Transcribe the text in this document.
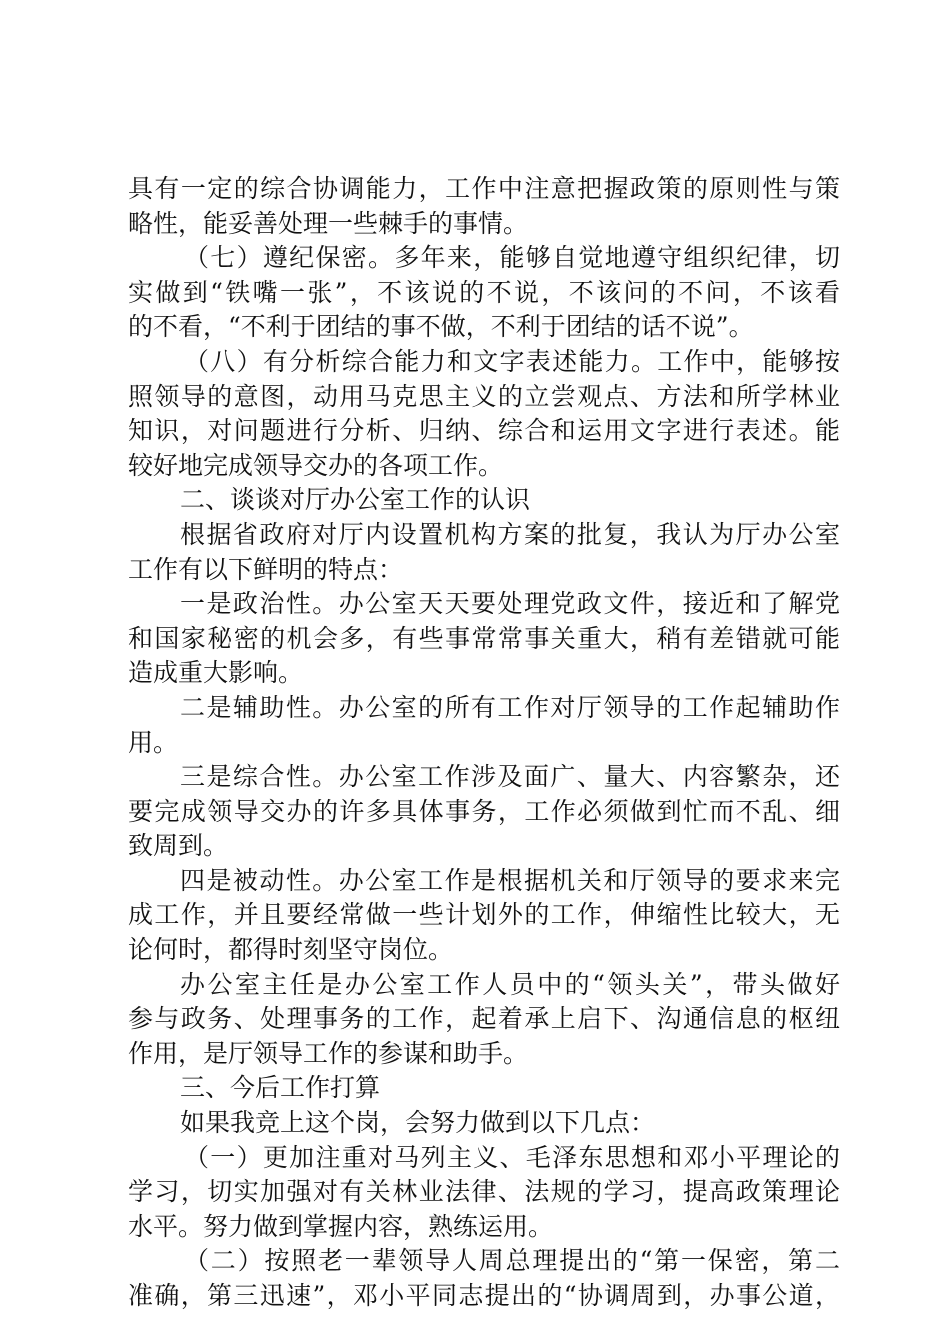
具有一定的综合协调能力，工作中注意把握政策的原则性与策
略性，能妥善处理一些棘手的事情。
（七）遵纪保密。多年来，能够自觉地遵守组织纪律，切
实做到“铁嘴一张”，不该说的不说，不该问的不问，不该看
的不看，“不利于团结的事不做，不利于团结的话不说”。
（八）有分析综合能力和文字表述能力。工作中，能够按
照领导的意图，动用马克思主义的立尝观点、方法和所学林业
知识，对问题进行分析、归纳、综合和运用文字进行表述。能
较好地完成领导交办的各项工作。
二、谈谈对厅办公室工作的认识
根据省政府对厅内设置机构方案的批复，我认为厅办公室
工作有以下鲜明的特点：
一是政治性。办公室天天要处理党政文件，接近和了解党
和国家秘密的机会多，有些事常常事关重大，稍有差错就可能
造成重大影响。
二是辅助性。办公室的所有工作对厅领导的工作起辅助作
用。
三是综合性。办公室工作涉及面广、量大、内容繁杂，还
要完成领导交办的许多具体事务，工作必须做到忙而不乱、细
致周到。
四是被动性。办公室工作是根据机关和厅领导的要求来完
成工作，并且要经常做一些计划外的工作，伸缩性比较大，无
论何时，都得时刻坚守岗位。
办公室主任是办公室工作人员中的“领头关”，带头做好
参与政务、处理事务的工作，起着承上启下、沟通信息的枢纽
作用，是厅领导工作的参谋和助手。
三、今后工作打算
如果我竞上这个岗，会努力做到以下几点：
（一）更加注重对马列主义、毛泽东思想和邓小平理论的
学习，切实加强对有关林业法律、法规的学习，提高政策理论
水平。努力做到掌握内容，熟练运用。
（二）按照老一辈领导人周总理提出的“第一保密，第二
准确，第三迅速”，邓小平同志提出的“协调周到，办事公道，
